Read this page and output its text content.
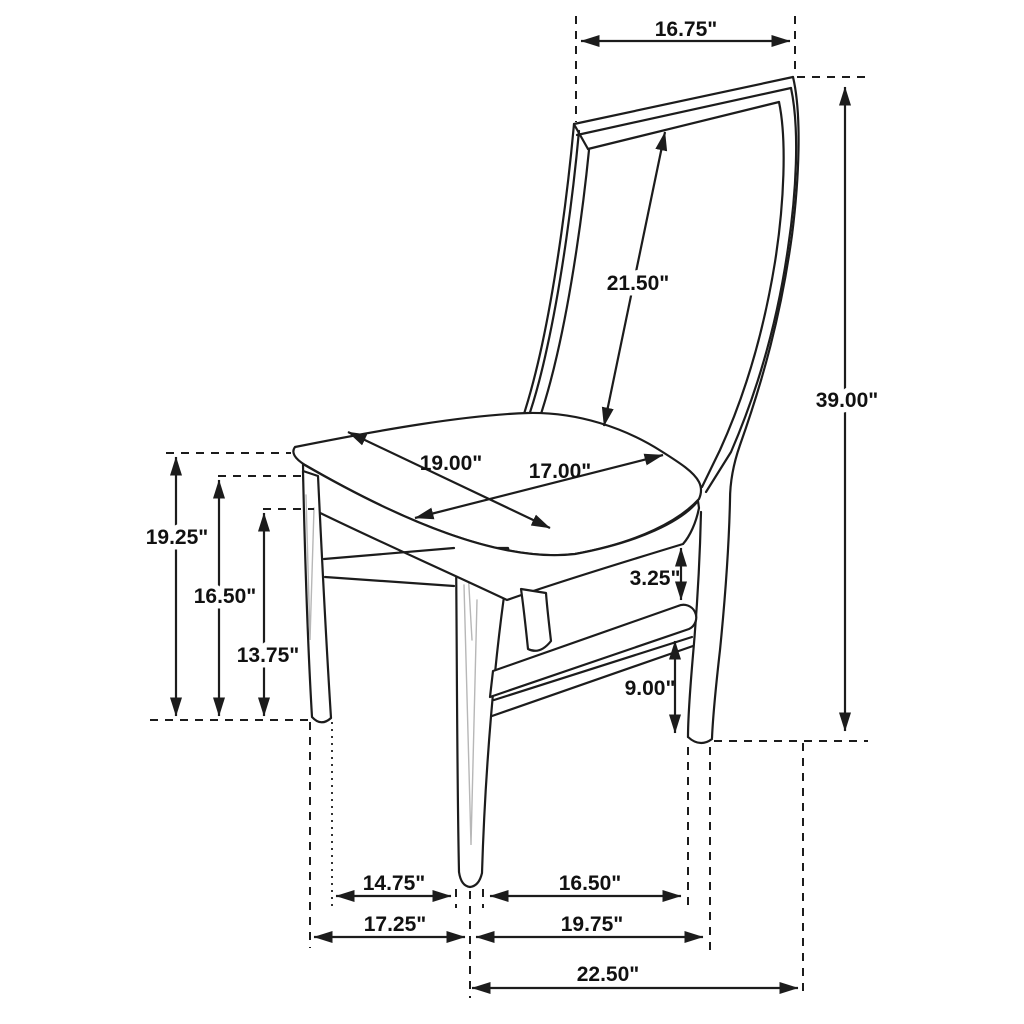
16.75"
21.50"
39.00"
19.00" 17.00"
19.25"
16.50"
13.75"
3.25"
9.00"
14.75"	16.50"
17.25"	19.75"
22.50"
